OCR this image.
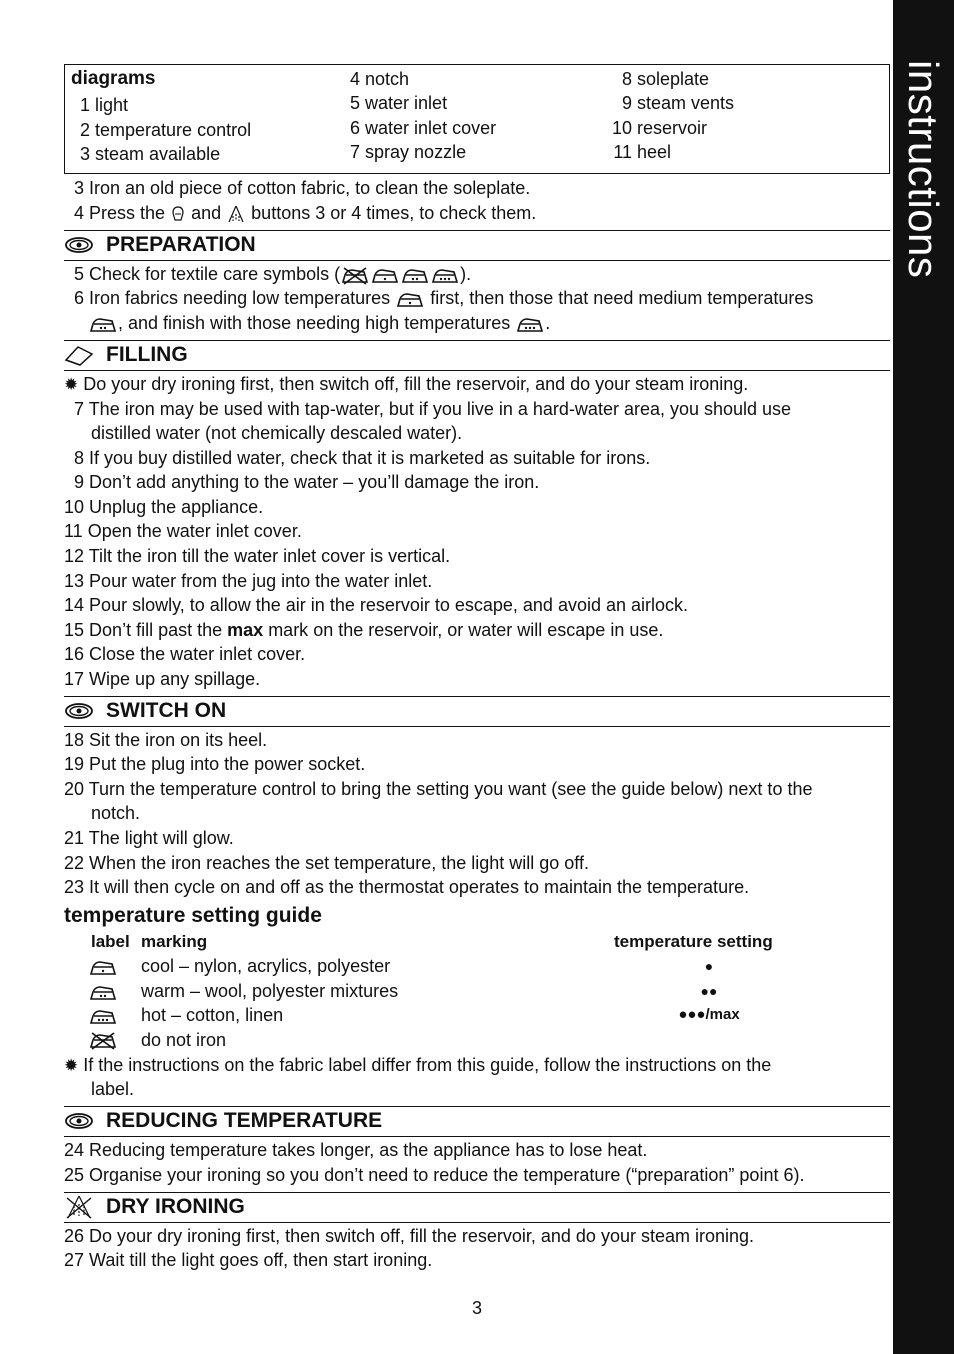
instructions
diagrams
1 light
2 temperature control
3 steam available
4 notch
5 water inlet
6 water inlet cover
7 spray nozzle
8 soleplate
9 steam vents
10 reservoir
11 heel
3 Iron an old piece of cotton fabric, to clean the soleplate.
4 Press the and buttons 3 or 4 times, to check them.
PREPARATION
5 Check for textile care symbols (	).
6 Iron fabrics needing low temperatures first, then those that need medium temperatures
, and finish with those needing high temperatures .
FILLING
✹ Do your dry ironing first, then switch off, fill the reservoir, and do your steam ironing.
7 The iron may be used with tap-water, but if you live in a hard-water area, you should use
distilled water (not chemically descaled water).
8 If you buy distilled water, check that it is marketed as suitable for irons.
9 Don’t add anything to the water – you’ll damage the iron.
10 Unplug the appliance.
11 Open the water inlet cover.
12 Tilt the iron till the water inlet cover is vertical.
13 Pour water from the jug into the water inlet.
14 Pour slowly, to allow the air in the reservoir to escape, and avoid an airlock.
15 Don’t fill past the max mark on the reservoir, or water will escape in use.
16 Close the water inlet cover.
17 Wipe up any spillage.
SWITCH ON
18 Sit the iron on its heel.
19 Put the plug into the power socket.
20 Turn the temperature control to bring the setting you want (see the guide below) next to the
notch.
21 The light will glow.
22 When the iron reaches the set temperature, the light will go off.
23 It will then cycle on and off as the thermostat operates to maintain the temperature.
temperature setting guide
label marking	temperature setting
cool – nylon, acrylics, polyester	●
warm – wool, polyester mixtures	●●
hot – cotton, linen	●●●/max
do not iron
✹ If the instructions on the fabric label differ from this guide, follow the instructions on the
label.
REDUCING TEMPERATURE
24 Reducing temperature takes longer, as the appliance has to lose heat.
25 Organise your ironing so you don’t need to reduce the temperature (“preparation” point 6).
DRY IRONING
26 Do your dry ironing first, then switch off, fill the reservoir, and do your steam ironing.
27 Wait till the light goes off, then start ironing.
3
